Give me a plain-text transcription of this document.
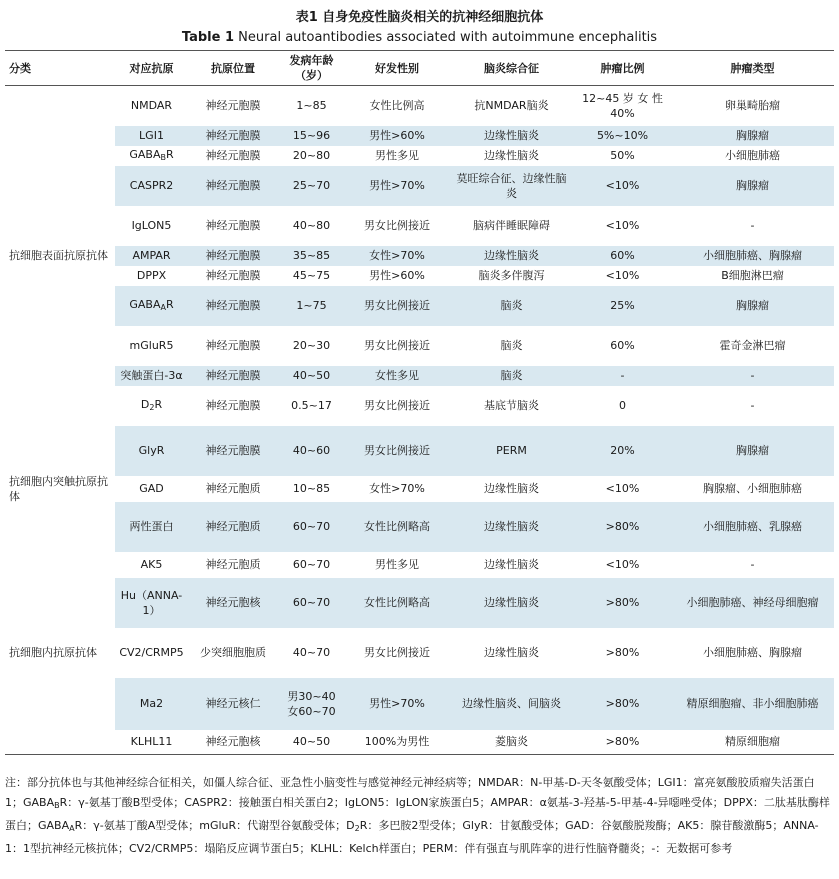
表1 自身免疫性脑炎相关的抗神经细胞抗体
Table 1 Neural autoantibodies associated with autoimmune encephalitis
分类	对应抗原	抗原位置	发病年龄（岁）	好发性别	脑炎综合征	肿瘤比例	肿瘤类型
抗细胞表面抗原抗体	NMDAR	神经元胞膜	1~85	女性比例高	抗NMDAR脑炎	12~45 岁 女 性40%	卵巢畸胎瘤
	LGI1	神经元胞膜	15~96	男性>60%	边缘性脑炎	5%~10%	胸腺瘤
	$GABA_BR$	神经元胞膜	20~80	男性多见	边缘性脑炎	50%	小细胞肺癌
	CASPR2	神经元胞膜	25~70	男性>70%	莫旺综合征、边缘性脑炎	<10%	胸腺瘤
	IgLON5	神经元胞膜	40~80	男女比例接近	脑病伴睡眠障碍	<10%	-
	AMPAR	神经元胞膜	35~85	女性>70%	边缘性脑炎	60%	小细胞肺癌、胸腺瘤
	DPPX	神经元胞膜	45~75	男性>60%	脑炎多伴腹泻	<10%	B细胞淋巴瘤
	$GABA_AR$	神经元胞膜	1~75	男女比例接近	脑炎	25%	胸腺瘤
	mGluR5	神经元胞膜	20~30	男女比例接近	脑炎	60%	霍奇金淋巴瘤
	突触蛋白-3α	神经元胞膜	40~50	女性多见	脑炎	-	-
	$D_2R$	神经元胞膜	0.5~17	男女比例接近	基底节脑炎	0	-
抗细胞内突触抗原抗体	GlyR	神经元胞膜	40~60	男女比例接近	PERM	20%	胸腺瘤
	GAD	神经元胞质	10~85	女性>70%	边缘性脑炎	<10%	胸腺瘤、小细胞肺癌
	两性蛋白	神经元胞质	60~70	女性比例略高	边缘性脑炎	>80%	小细胞肺癌、乳腺癌
抗细胞内抗原抗体	AK5	神经元胞质	60~70	男性多见	边缘性脑炎	<10%	-
	Hu（ANNA-1）	神经元胞核	60~70	女性比例略高	边缘性脑炎	>80%	小细胞肺癌、神经母细胞瘤
	CV2/CRMP5	少突细胞胞质	40~70	男女比例接近	边缘性脑炎	>80%	小细胞肺癌、胸腺瘤
	Ma2	神经元核仁	男30~40
女60~70	男性>70%	边缘性脑炎、间脑炎	>80%	精原细胞瘤、非小细胞肺癌
	KLHL11	神经元胞核	40~50	100%为男性	菱脑炎	>80%	精原细胞瘤
注：部分抗体也与其他神经综合征相关，如僵人综合征、亚急性小脑变性与感觉神经元神经病等；NMDAR：N-甲基-D-天冬氨酸受体；LGI1：富亮氨酸胶质瘤失活蛋白1；$GABA_BR$：γ-氨基丁酸B型受体；CASPR2：接触蛋白相关蛋白2；IgLON5：IgLON家族蛋白5；AMPAR：α氨基-3-羟基-5-甲基-4-异噁唑受体；DPPX：二肽基肽酶样蛋白；$GABA_AR$：γ-氨基丁酸A型受体；mGluR：代谢型谷氨酸受体；$D_2R$：多巴胺2型受体；GlyR：甘氨酸受体；GAD：谷氨酸脱羧酶；AK5：腺苷酸激酶5；ANNA-1：1型抗神经元核抗体；CV2/CRMP5：塌陷反应调节蛋白5；KLHL：Kelch样蛋白；PERM：伴有强直与肌阵挛的进行性脑脊髓炎；-：无数据可参考
